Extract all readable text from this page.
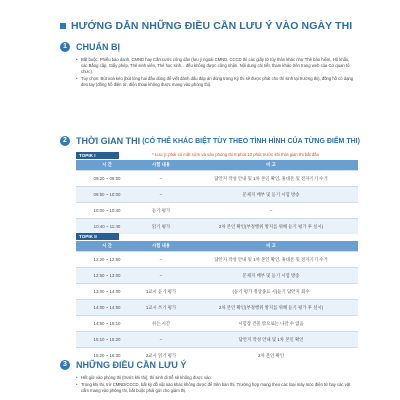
HƯỚNG DẪN NHỮNG ĐIỀU CẦN LƯU Ý VÀO NGÀY THI
1	CHUẨN BỊ
• Bắt buộc: Phiếu báo danh, CMND hay Căn cước công dân (lưu ý ngoài CMND, CCCD thì các giấy tờ tùy thân khác như Thẻ bảo hiểm, Hộ khẩu, các Bằng cấp, Giấy phép, Thẻ sinh viên, Thẻ học sinh... đều không được công nhận. Nội dung chi tiết, tham khảo trên trang web của Cơ quan tổ chức).
• Tùy chọn: Bút xoá kéo (bút lòng hai đầu dùng để viết đánh dấu đáp án dùng trong Kỳ thi sẽ được phát cho thí sinh tại trường thi), đồng hồ có dạng đeo tay (đồng hồ điện tử, điện thoại không được mang vào phòng thi).
2	THỜI GIAN THI (CÓ THỂ KHÁC BIỆT TÙY THEO TÌNH HÌNH CỦA TỪNG ĐIỂM THI)
TOPIK I	* Lưu ý: phải có mặt sớm và vào phòng thi 8 phút 10 phút trước khi thời gian thi bắt đầu
시 간	시험 내용	비 고
09:20 ~ 09:50	–	답안지 작성 안내 및 1차 본인 확인, 휴대폰 및 전자기기 수거
09:50 ~ 10:00	–	문제지 배부 및 듣기 시험 방송
10:00 ~ 10:40	듣기 평가	–
10:40 ~ 11:40	읽기 평가	2차 본인 확인(부정행위 방지를 위해 듣기 평가 후 실시)
TOPIK II
시 간	시험 내용	비 고
12:20 ~ 12:50	–	답안지 작성 안내 및 1차 본인 확인, 휴대폰 및 전자기기 수거
12:50 ~ 13:00	–	문제지 배부 및 듣기 시험 방송
13:00 ~ 14:00	1교시 듣기 평가	(듣기 평가 정상종료 시)듣기 답안지 회수
14:00 ~ 14:50	1교시 쓰기 평가	2차 본인 확인(부정행위 방지를 위해 듣기 평가 후 실시)
14:50 ~ 15:10	쉬는 시간	시험장 건물 밖으로는 나갈 수 없음
15:10 ~ 15:20	–	답안지 작성 안내 및 1차 본인 확인
15:20 ~ 16:30	2교시 읽기 평가	2차 본인 확인
3	NHỮNG ĐIỀU CẦN LƯU Ý
• Hết giờ vào phòng thi (trước khi thi), thí sinh đi trễ sẽ không được vào.
• Trong khi thi, trừ CMND/CCCD, bất kỳ đồ vật nào khác không được để trên bàn thi. Trường hợp mang theo các loại máy móc điện tử hay các vật cấm mang vào phòng thi, bắt buộc phải gửi cho giám thị.
